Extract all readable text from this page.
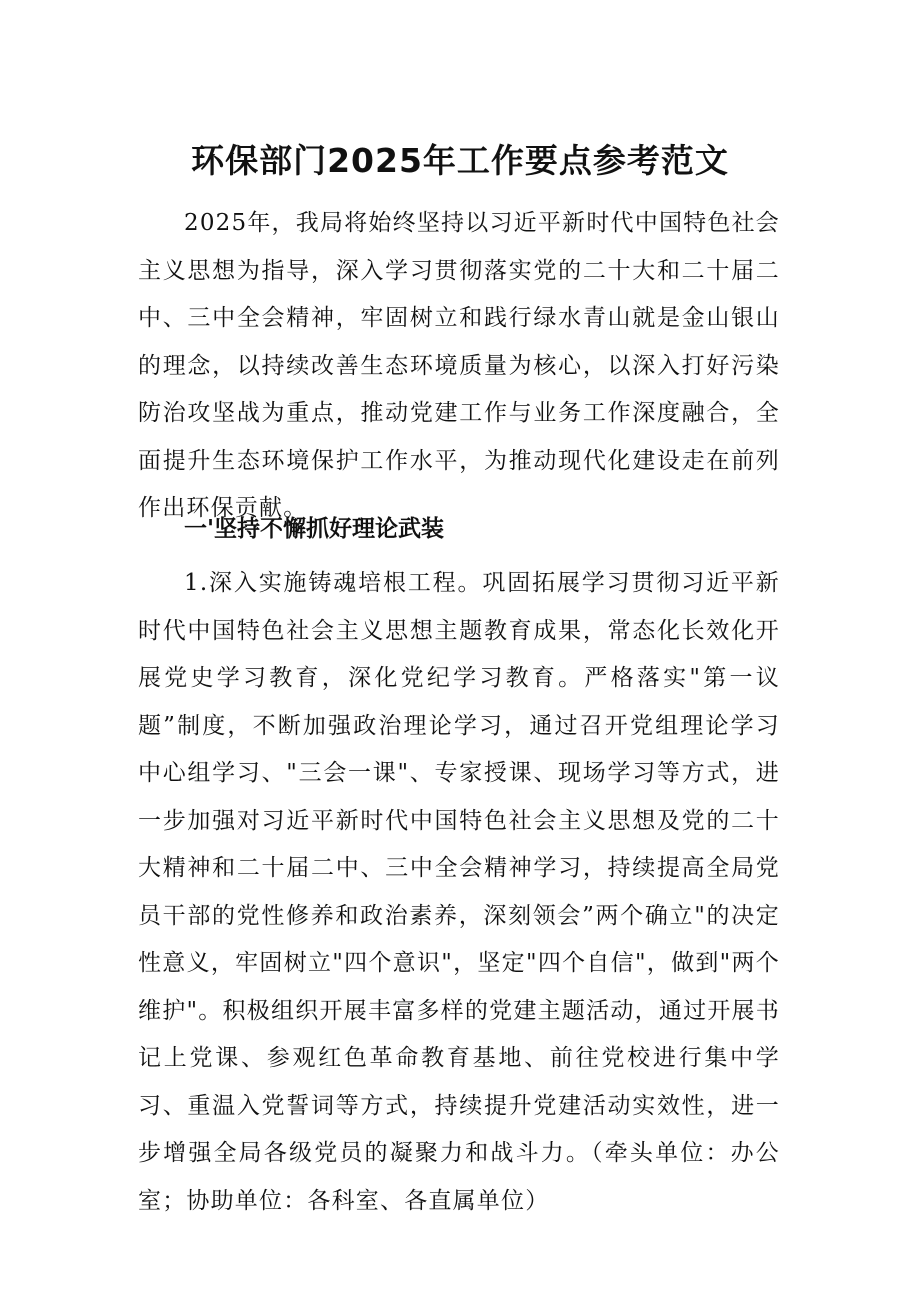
环保部门2025年工作要点参考范文

2025年，我局将始终坚持以习近平新时代中国特色社会主义思想为指导，深入学习贯彻落实党的二十大和二十届二中、三中全会精神，牢固树立和践行绿水青山就是金山银山的理念，以持续改善生态环境质量为核心，以深入打好污染防治攻坚战为重点，推动党建工作与业务工作深度融合，全面提升生态环境保护工作水平，为推动现代化建设走在前列作出环保贡献。

一'坚持不懈抓好理论武装

1.深入实施铸魂培根工程。巩固拓展学习贯彻习近平新时代中国特色社会主义思想主题教育成果，常态化长效化开展党史学习教育，深化党纪学习教育。严格落实"第一议题”制度，不断加强政治理论学习，通过召开党组理论学习中心组学习、"三会一课"、专家授课、现场学习等方式，进一步加强对习近平新时代中国特色社会主义思想及党的二十大精神和二十届二中、三中全会精神学习，持续提高全局党员干部的党性修养和政治素养，深刻领会”两个确立"的决定性意义，牢固树立"四个意识"，坚定"四个自信"，做到"两个维护"。积极组织开展丰富多样的党建主题活动，通过开展书记上党课、参观红色革命教育基地、前往党校进行集中学习、重温入党誓词等方式，持续提升党建活动实效性，进一步增强全局各级党员的凝聚力和战斗力。（牵头单位：办公室；协助单位：各科室、各直属单位）
